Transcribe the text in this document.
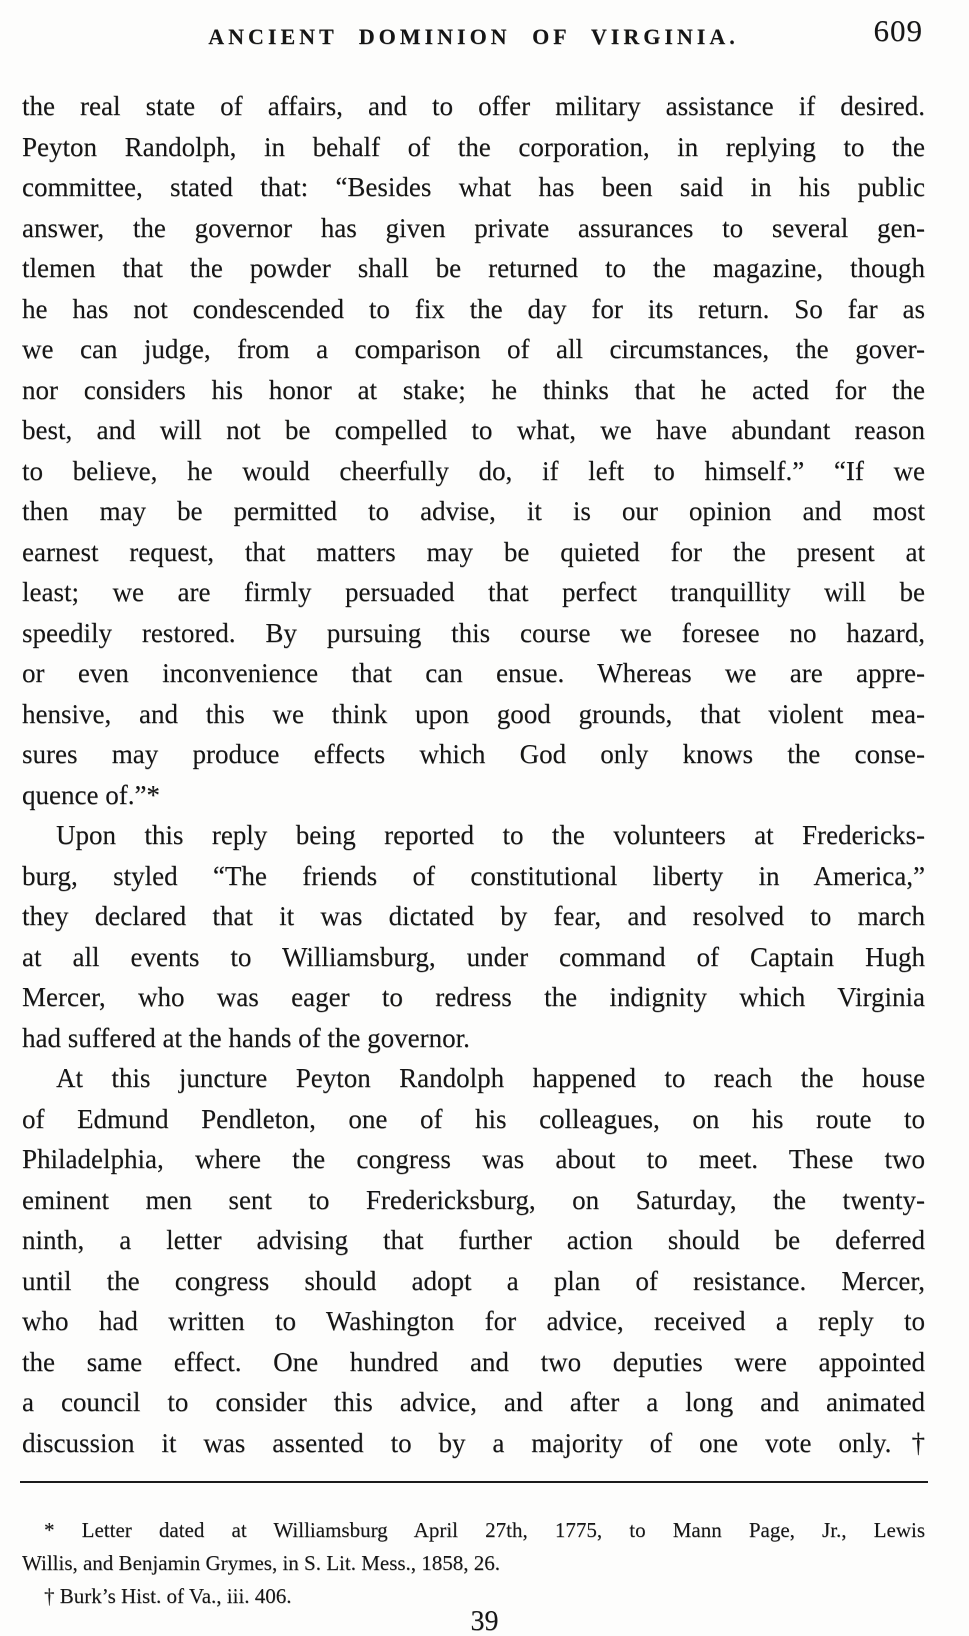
ANCIENT DOMINION OF VIRGINIA.	609
the real state of affairs, and to offer military assistance if desired.
Peyton Randolph, in behalf of the corporation, in replying to the
committee, stated that: “Besides what has been said in his public
answer, the governor has given private assurances to several gen-
tlemen that the powder shall be returned to the magazine, though
he has not condescended to fix the day for its return. So far as
we can judge, from a comparison of all circumstances, the gover-
nor considers his honor at stake; he thinks that he acted for the
best, and will not be compelled to what, we have abundant reason
to believe, he would cheerfully do, if left to himself.” “If we
then may be permitted to advise, it is our opinion and most
earnest request, that matters may be quieted for the present at
least; we are firmly persuaded that perfect tranquillity will be
speedily restored. By pursuing this course we foresee no hazard,
or even inconvenience that can ensue. Whereas we are appre-
hensive, and this we think upon good grounds, that violent mea-
sures may produce effects which God only knows the conse-
quence of.”*
Upon this reply being reported to the volunteers at Fredericks-
burg, styled “The friends of constitutional liberty in America,”
they declared that it was dictated by fear, and resolved to march
at all events to Williamsburg, under command of Captain Hugh
Mercer, who was eager to redress the indignity which Virginia
had suffered at the hands of the governor.
At this juncture Peyton Randolph happened to reach the house
of Edmund Pendleton, one of his colleagues, on his route to
Philadelphia, where the congress was about to meet. These two
eminent men sent to Fredericksburg, on Saturday, the twenty-
ninth, a letter advising that further action should be deferred
until the congress should adopt a plan of resistance. Mercer,
who had written to Washington for advice, received a reply to
the same effect. One hundred and two deputies were appointed
a council to consider this advice, and after a long and animated
discussion it was assented to by a majority of one vote only.†
* Letter dated at Williamsburg April 27th, 1775, to Mann Page, Jr., Lewis
Willis, and Benjamin Grymes, in S. Lit. Mess., 1858, 26.
† Burk’s Hist. of Va., iii. 406.
39
